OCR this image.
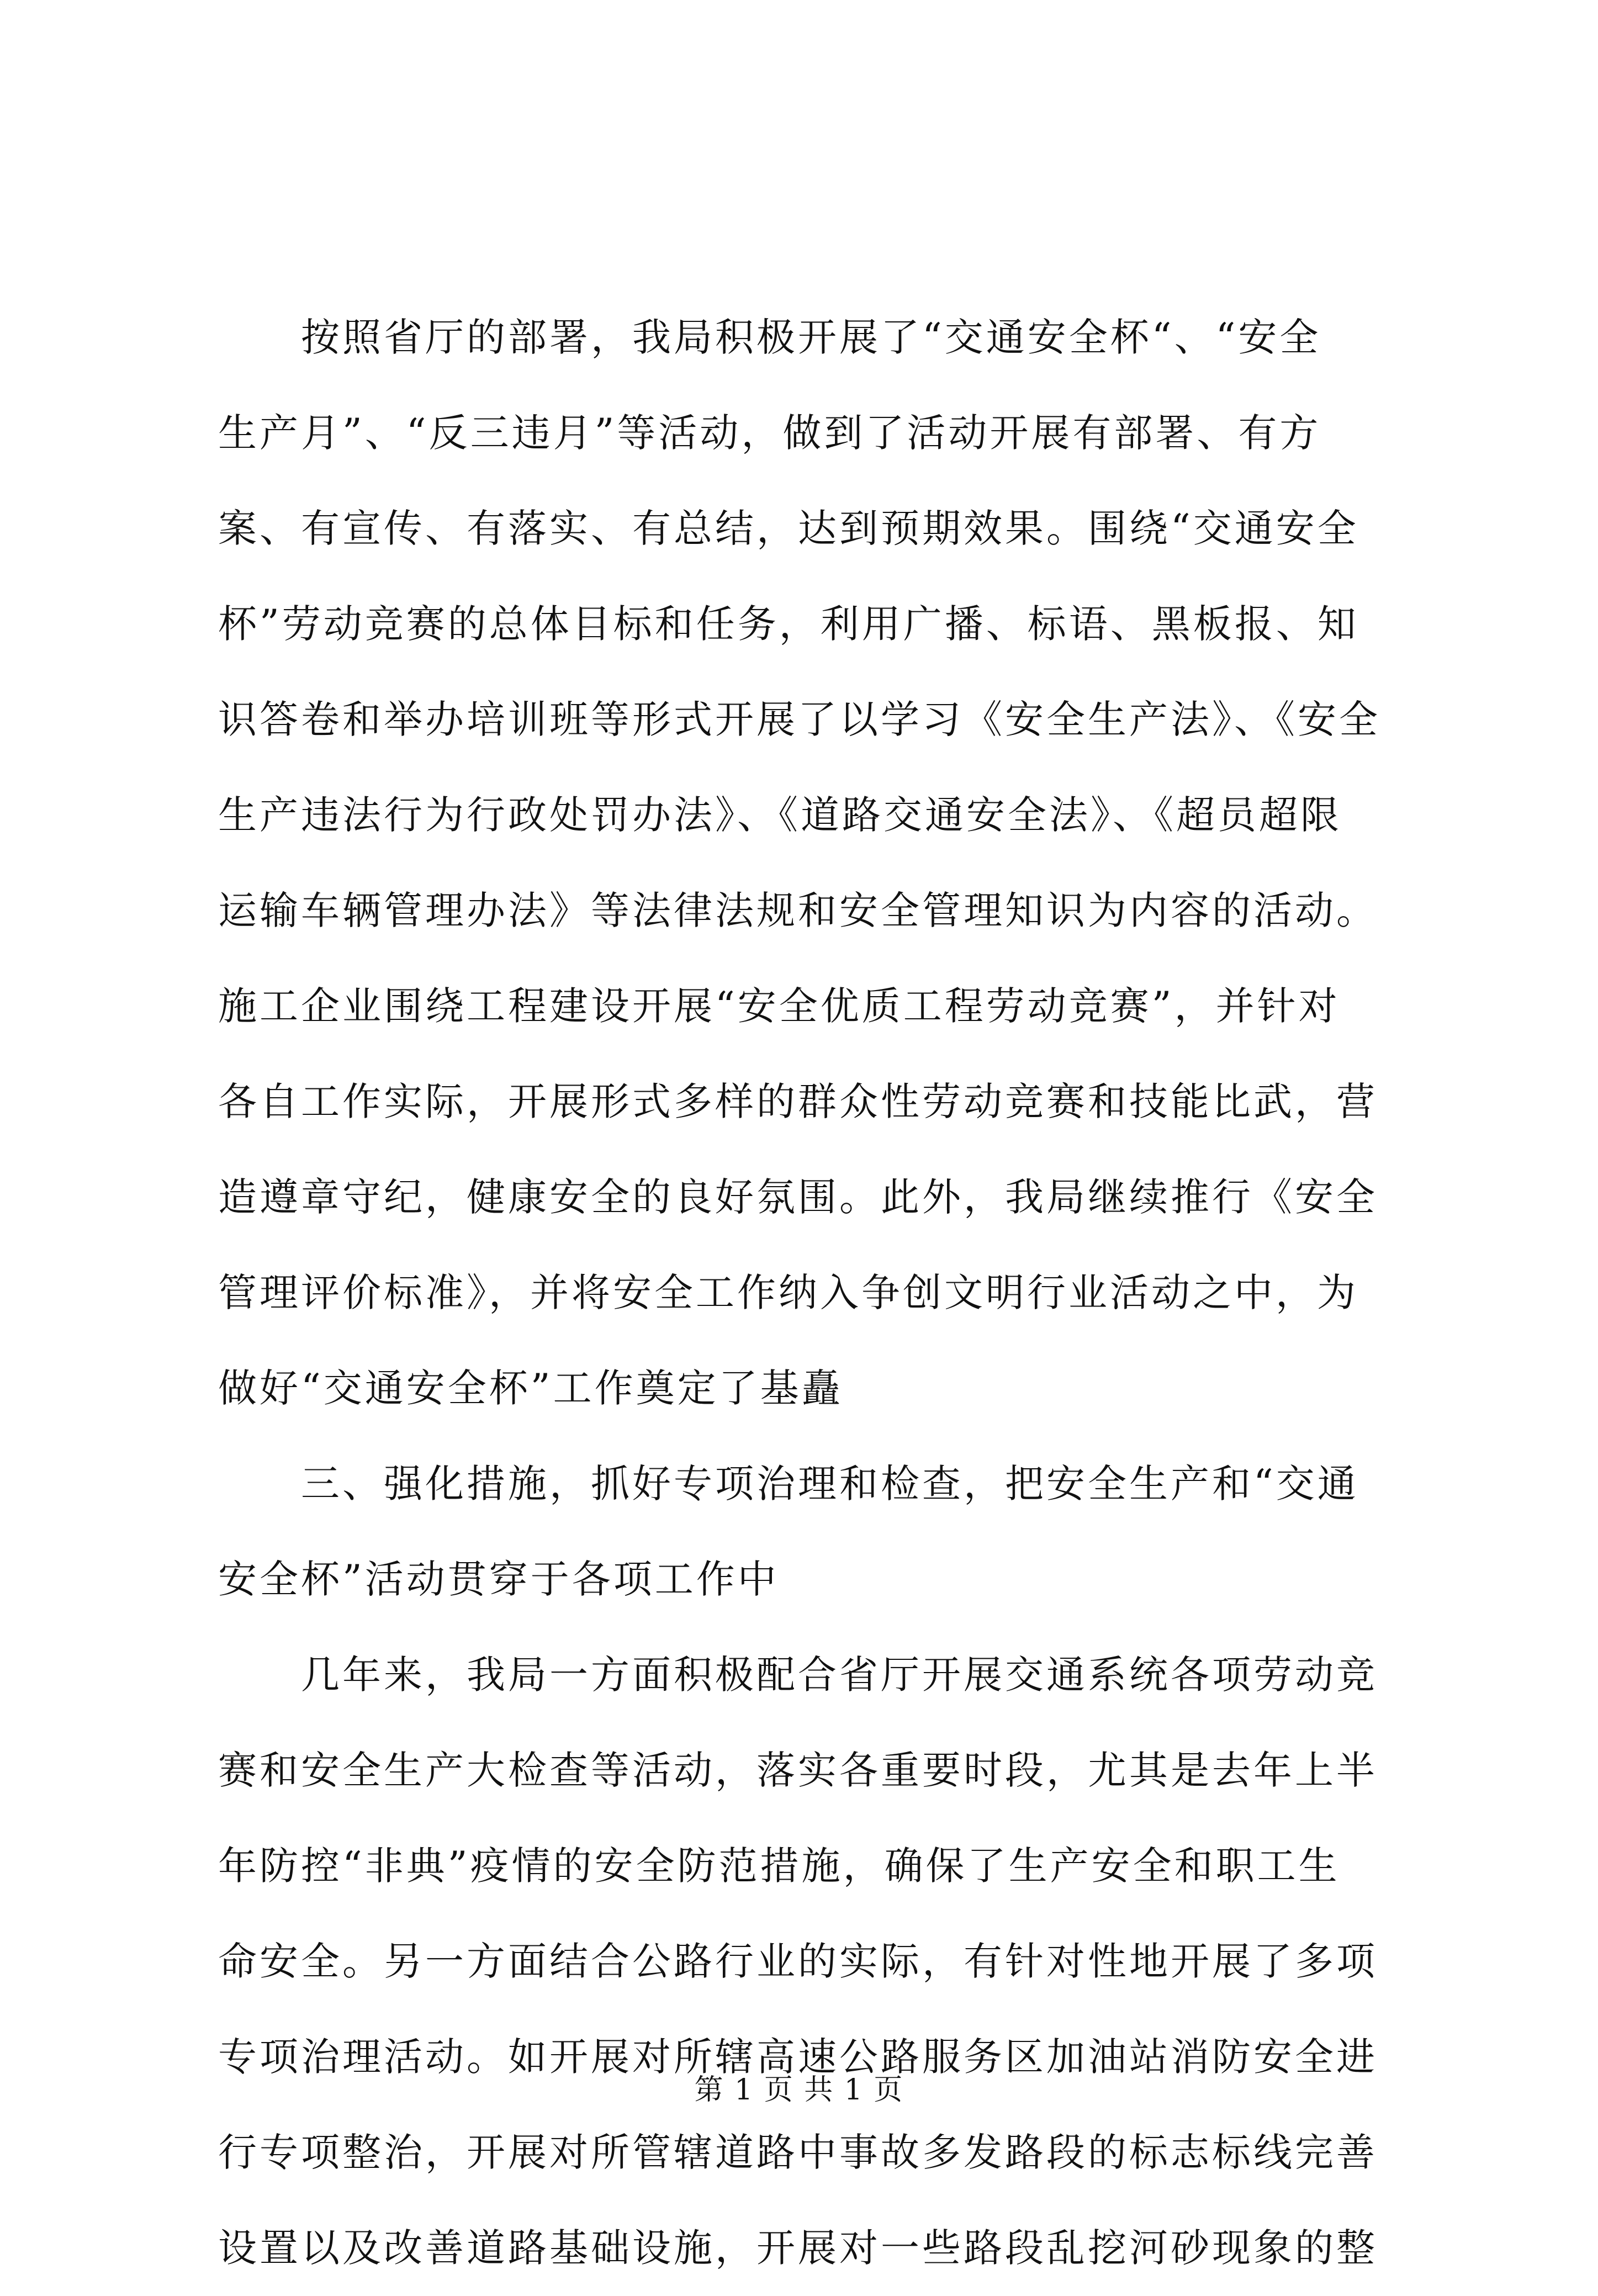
　　按照省厅的部署，我局积极开展了“交通安全杯“、“安全
生产月”、“反三违月”等活动，做到了活动开展有部署、有方
案、有宣传、有落实、有总结，达到预期效果。围绕“交通安全
杯”劳动竞赛的总体目标和任务，利用广播、标语、黑板报、知
识答卷和举办培训班等形式开展了以学习《安全生产法》、《安全
生产违法行为行政处罚办法》、《道路交通安全法》、《超员超限
运输车辆管理办法》等法律法规和安全管理知识为内容的活动。
施工企业围绕工程建设开展“安全优质工程劳动竞赛”，并针对
各自工作实际，开展形式多样的群众性劳动竞赛和技能比武，营
造遵章守纪，健康安全的良好氛围。此外，我局继续推行《安全
管理评价标准》，并将安全工作纳入争创文明行业活动之中，为
做好“交通安全杯”工作奠定了基矗
　　三、强化措施，抓好专项治理和检查，把安全生产和“交通
安全杯”活动贯穿于各项工作中
　　几年来，我局一方面积极配合省厅开展交通系统各项劳动竞
赛和安全生产大检查等活动，落实各重要时段，尤其是去年上半
年防控“非典”疫情的安全防范措施，确保了生产安全和职工生
命安全。另一方面结合公路行业的实际，有针对性地开展了多项
专项治理活动。如开展对所辖高速公路服务区加油站消防安全进
行专项整治，开展对所管辖道路中事故多发路段的标志标线完善
设置以及改善道路基础设施，开展对一些路段乱挖河砂现象的整
第 1 页 共 1 页
